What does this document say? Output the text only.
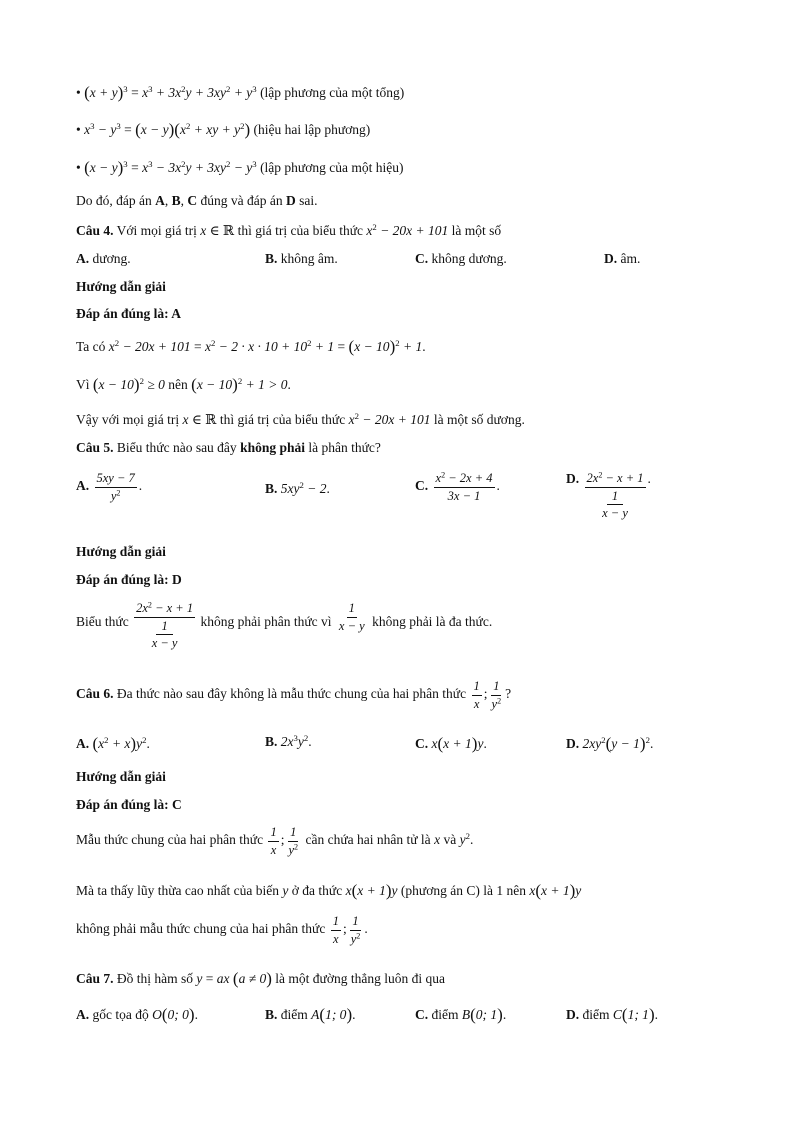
• $(x + y)^3 = x^3 + 3x^2y + 3xy^2 + y^3$ (lập phương của một tổng)
• $x^3 - y^3 = (x - y)(x^2$ + xy + $y^2$) (hiệu hai lập phương)
• $(x - y)^3 = x^3 - 3x^2y + 3xy^2 - y^3$ (lập phương của một hiệu)
Do đó, đáp án A, B, C đúng và đáp án D sai.
Câu 4. Với mọi giá trị x ∈ ℝ thì giá trị của biểu thức $x^2 - 20x + 101$ là một số
A. dương.	B. không âm.	C. không dương.	D. âm.
Hướng dẫn giải
Đáp án đúng là: A
Ta có $x^2 - 20x + 101 = x^2 - 2 \cdot x \cdot 10 + 10^2 + 1 = (x - 10)^2 + 1$.
Vì $(x - 10)^2 \ge 0$ nên $(x - 10)^2 + 1 > 0$.
Vậy với mọi giá trị x ∈ ℝ thì giá trị của biểu thức $x^2 - 20x + 101$ là một số dương.
Câu 5. Biểu thức nào sau đây không phải là phân thức?
A. $\frac{5xy - 7}{y^2}$ .	B. $5xy^2 - 2$.	C. $\frac{x^2 - 2x + 4}{3x - 1}$ .	D. $\frac{2x^2 - x + 1}{\frac{1}{x - y}}$ .
Hướng dẫn giải
Đáp án đúng là: D
Biểu thức
$\frac{2x^2 - x + 1}{\frac{1}{x - y}}$
không phải phân thức vì
$\frac{1}{x - y}$
không phải là đa thức.
Câu 6. Đa thức nào sau đây không là mẫu thức chung của hai phân thức $\frac{1}{x}$ ; $\frac{1}{y^2}$ ?
A. $(x^2 + x)y^2$.	B. $2x^3y^2$.	C. x(x + 1)y.	D. $2xy^2(y - 1)^2$.
Hướng dẫn giải
Đáp án đúng là: C
Mẫu thức chung của hai phân thức $\frac{1}{x}$ ; $\frac{1}{y^2}$ cần chứa hai nhân tử là x và $y^2$.
Mà ta thấy lũy thừa cao nhất của biến y ở đa thức x(x + 1)y (phương án C) là 1 nên x(x + 1)y
không phải mẫu thức chung của hai phân thức $\frac{1}{x}$ ; $\frac{1}{y^2}$ .
Câu 7. Đồ thị hàm số y = ax (a ≠ 0) là một đường thẳng luôn đi qua
A. gốc tọa độ O(0; 0).	B. điểm A(1; 0).	C. điểm B(0; 1).	D. điểm C(1; 1).
